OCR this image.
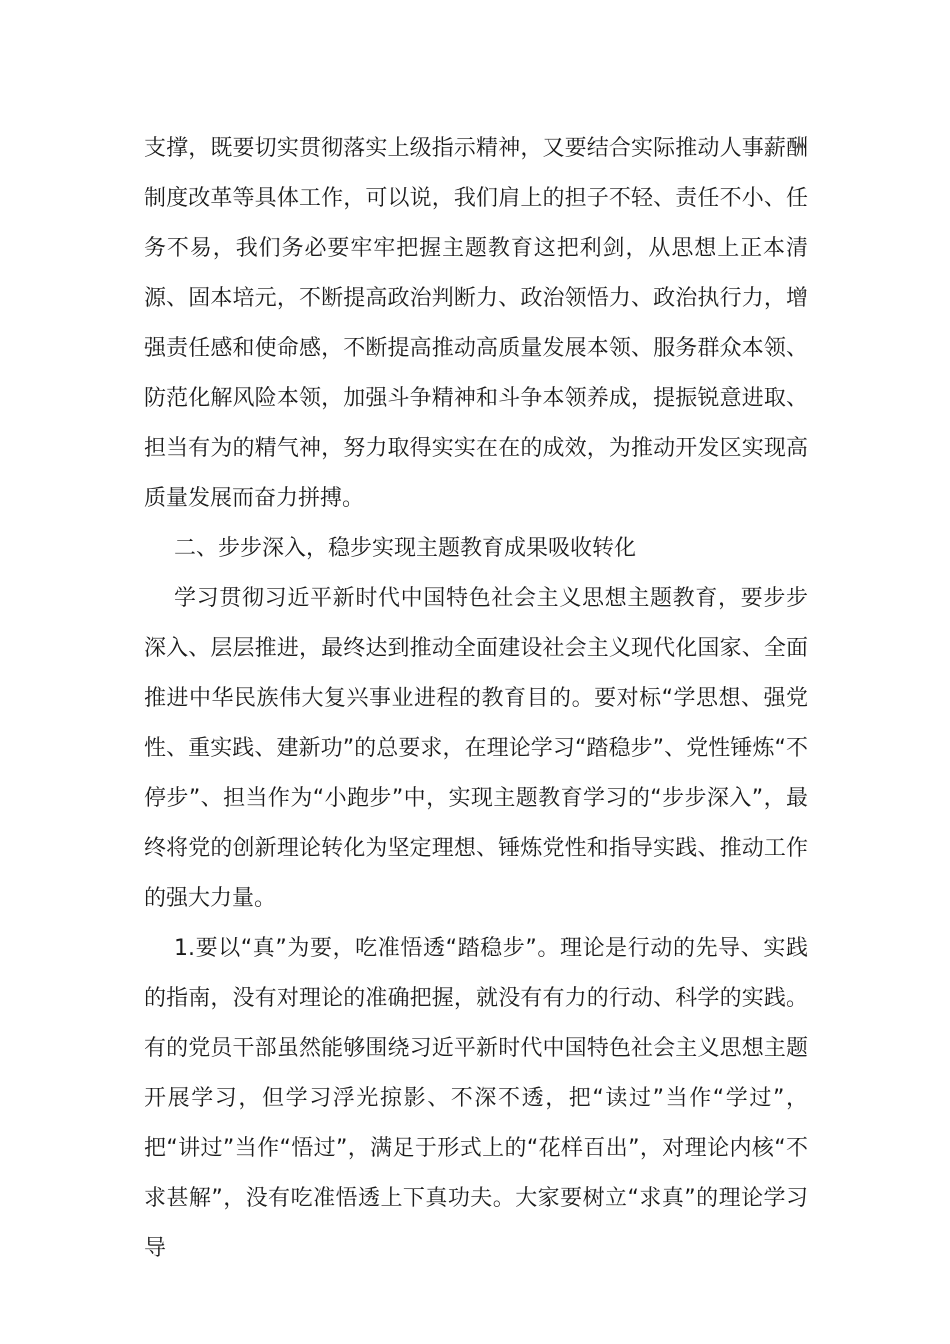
支撑，既要切实贯彻落实上级指示精神，又要结合实际推动人事薪酬制度改革等具体工作，可以说，我们肩上的担子不轻、责任不小、任务不易，我们务必要牢牢把握主题教育这把利剑，从思想上正本清源、固本培元，不断提高政治判断力、政治领悟力、政治执行力，增强责任感和使命感，不断提高推动高质量发展本领、服务群众本领、防范化解风险本领，加强斗争精神和斗争本领养成，提振锐意进取、担当有为的精气神，努力取得实实在在的成效，为推动开发区实现高质量发展而奋力拼搏。

二、步步深入，稳步实现主题教育成果吸收转化

学习贯彻习近平新时代中国特色社会主义思想主题教育，要步步深入、层层推进，最终达到推动全面建设社会主义现代化国家、全面推进中华民族伟大复兴事业进程的教育目的。要对标“学思想、强党性、重实践、建新功”的总要求，在理论学习“踏稳步”、党性锤炼“不停步”、担当作为“小跑步”中，实现主题教育学习的“步步深入”，最终将党的创新理论转化为坚定理想、锤炼党性和指导实践、推动工作的强大力量。

1.要以“真”为要，吃准悟透“踏稳步”。理论是行动的先导、实践的指南，没有对理论的准确把握，就没有有力的行动、科学的实践。有的党员干部虽然能够围绕习近平新时代中国特色社会主义思想主题开展学习，但学习浮光掠影、不深不透，把“读过”当作“学过”，把“讲过”当作“悟过”，满足于形式上的“花样百出”，对理论内核“不求甚解”，没有吃准悟透上下真功夫。大家要树立“求真”的理论学习导
